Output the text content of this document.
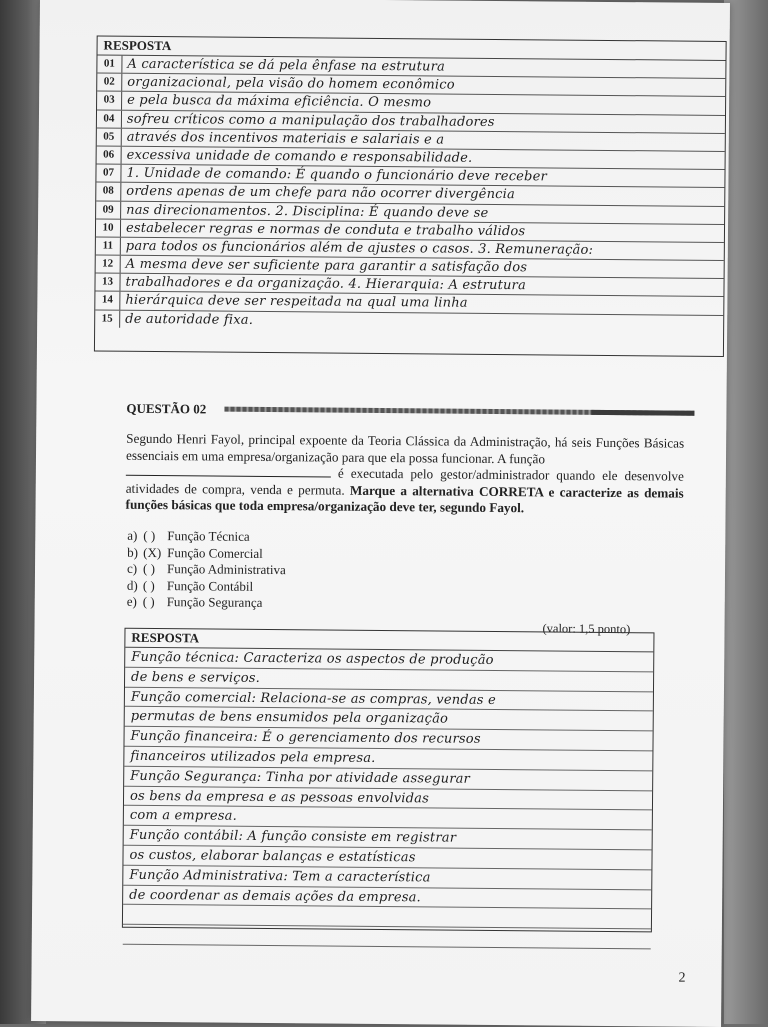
RESPOSTA
01 A característica se dá pela ênfase na estrutura
02 organizacional, pela visão do homem econômico
03 e pela busca da máxima eficiência. O mesmo
04 sofreu críticos como a manipulação dos trabalhadores
05 através dos incentivos materiais e salariais e a
06 excessiva unidade de comando e responsabilidade.
07 1. Unidade de comando: É quando o funcionário deve receber
08 ordens apenas de um chefe para não ocorrer divergência
09 nas direcionamentos. 2. Disciplina: É quando deve se
10 estabelecer regras e normas de conduta e trabalho válidos
11 para todos os funcionários além de ajustes o casos. 3. Remuneração:
12 A mesma deve ser suficiente para garantir a satisfação dos
13 trabalhadores e da organização. 4. Hierarquia: A estrutura
14 hierárquica deve ser respeitada na qual uma linha
15 de autoridade fixa.
QUESTÃO 02
Segundo Henri Fayol, principal expoente da Teoria Clássica da Administração, há seis Funções Básicas essenciais em uma empresa/organização para que ela possa funcionar. A função
é executada pelo gestor/administrador quando ele desenvolve atividades de compra, venda e permuta. Marque a alternativa CORRETA e caracterize as demais funções básicas que toda empresa/organização deve ter, segundo Fayol.
a) ( ) Função Técnica
b) (X) Função Comercial
c) ( ) Função Administrativa
d) ( ) Função Contábil
e) ( ) Função Segurança
(valor: 1,5 ponto)
RESPOSTA
Função técnica: Caracteriza os aspectos de produção
de bens e serviços.
Função comercial: Relaciona-se as compras, vendas e
permutas de bens ensumidos pela organização
Função financeira: É o gerenciamento dos recursos
financeiros utilizados pela empresa.
Função Segurança: Tinha por atividade assegurar
os bens da empresa e as pessoas envolvidas
com a empresa.
Função contábil: A função consiste em registrar
os custos, elaborar balanças e estatísticas
Função Administrativa: Tem a característica
de coordenar as demais ações da empresa.
2
